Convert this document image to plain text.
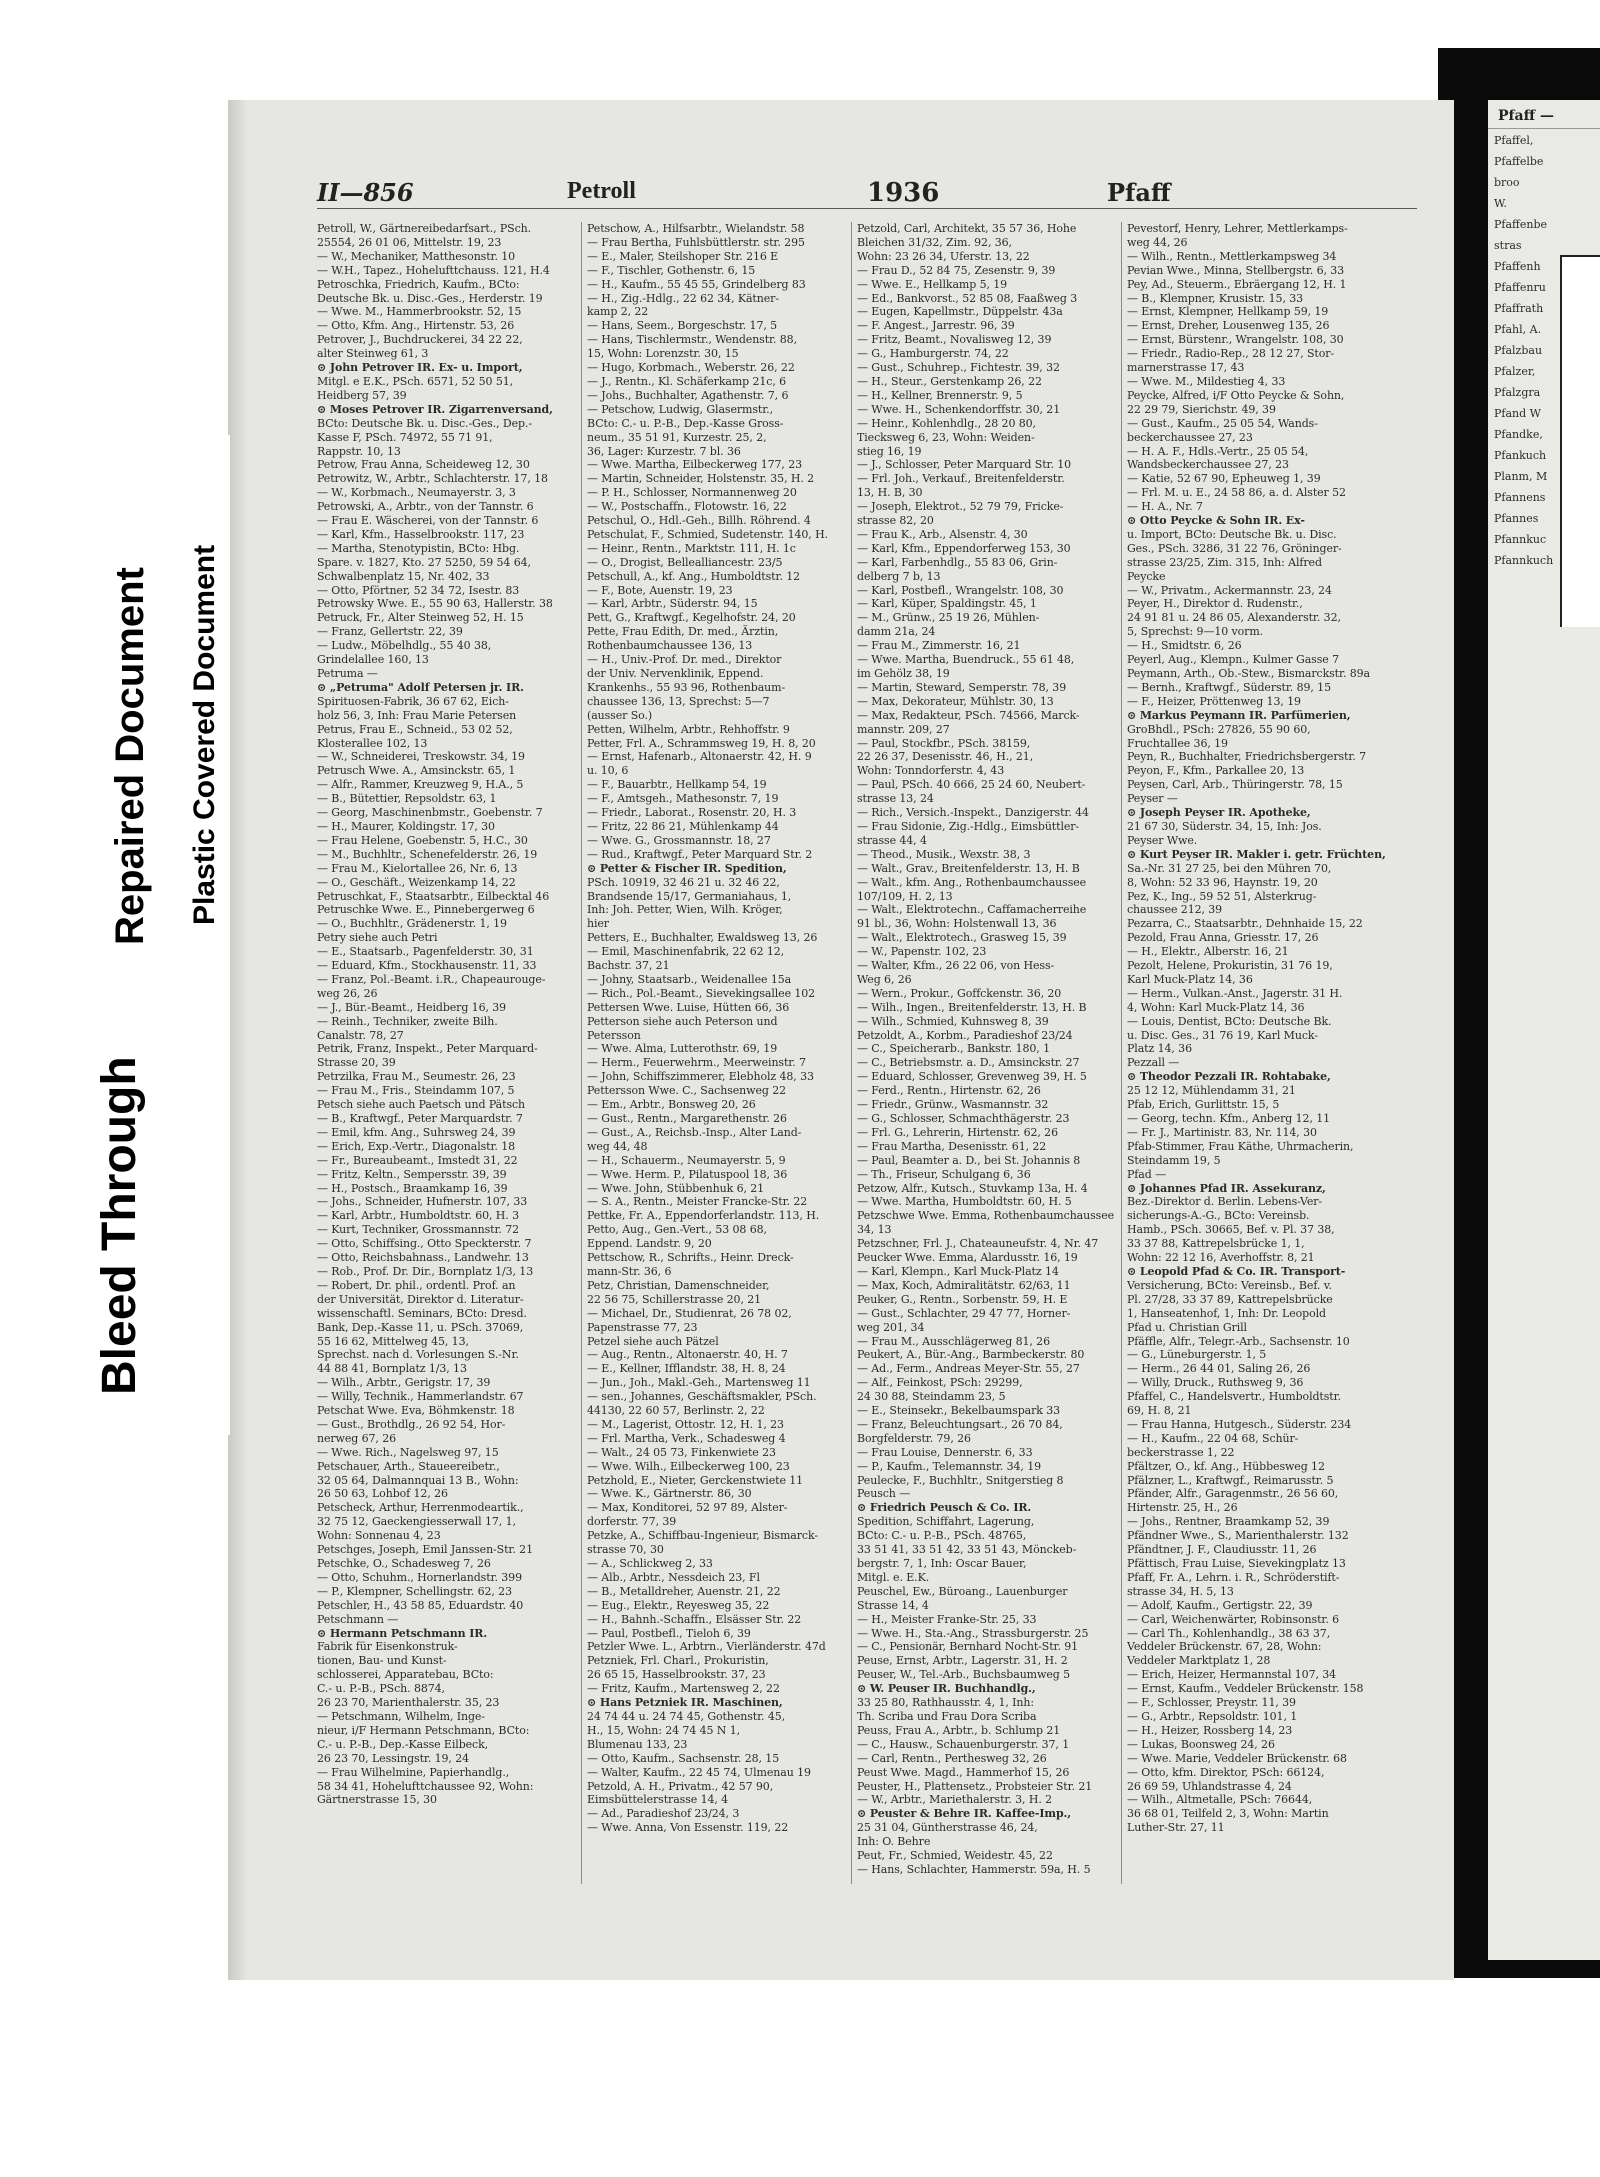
Pfaff —
Pfaffel,
Pfaffelbe
broo
W.
Pfaffenbe
stras
Pfaffenh
Pfaffenru
Pfaffrath
Pfahl, A.
Pfalzbau
Pfalzer,
Pfalzgra
Pfand W
Pfandke,
Pfankuch
Planm, M
Pfannens
Pfannes
Pfannkuc
Pfannkuch
II—856	Petroll	1936	Pfaff
Petroll, W., Gärtnereibedarfsart., PSch.
25554, 26 01 06, Mittelstr. 19, 23
— W., Mechaniker, Matthesonstr. 10
— W.H., Tapez., Hohelufttchauss. 121, H.4
Petroschka, Friedrich, Kaufm., BCto:
Deutsche Bk. u. Disc.-Ges., Herderstr. 19
— Wwe. M., Hammerbrookstr. 52, 15
— Otto, Kfm. Ang., Hirtenstr. 53, 26
Petrover, J., Buchdruckerei, 34 22 22,
alter Steinweg 61, 3
⊙ John Petrover IR. Ex- u. Import,
Mitgl. e E.K., PSch. 6571, 52 50 51,
Heidberg 57, 39
⊙ Moses Petrover IR. Zigarrenversand,
BCto: Deutsche Bk. u. Disc.-Ges., Dep.-
Kasse F, PSch. 74972, 55 71 91,
Rappstr. 10, 13
Petrow, Frau Anna, Scheideweg 12, 30
Petrowitz, W., Arbtr., Schlachterstr. 17, 18
— W., Korbmach., Neumayerstr. 3, 3
Petrowski, A., Arbtr., von der Tannstr. 6
— Frau E. Wäscherei, von der Tannstr. 6
— Karl, Kfm., Hasselbrookstr. 117, 23
— Martha, Stenotypistin, BCto: Hbg.
Spare. v. 1827, Kto. 27 5250, 59 54 64,
Schwalbenplatz 15, Nr. 402, 33
— Otto, Pförtner, 52 34 72, Isestr. 83
Petrowsky Wwe. E., 55 90 63, Hallerstr. 38
Petruck, Fr., Alter Steinweg 52, H. 15
— Franz, Gellertstr. 22, 39
— Ludw., Möbelhdlg., 55 40 38,
Grindelallee 160, 13
Petruma —
⊙ „Petruma" Adolf Petersen jr. IR.
Spirituosen-Fabrik, 36 67 62, Eich-
holz 56, 3, Inh: Frau Marie Petersen
Petrus, Frau E., Schneid., 53 02 52,
Klosterallee 102, 13
— W., Schneiderei, Treskowstr. 34, 19
Petrusch Wwe. A., Amsinckstr. 65, 1
— Alfr., Rammer, Kreuzweg 9, H.A., 5
— B., Bütettier, Repsoldstr. 63, 1
— Georg, Maschinenbmstr., Goebenstr. 7
— H., Maurer, Koldingstr. 17, 30
— Frau Helene, Goebenstr. 5, H.C., 30
— M., Buchhltr., Schenefelderstr. 26, 19
— Frau M., Kielortallee 26, Nr. 6, 13
— O., Geschäft., Weizenkamp 14, 22
Petruschkat, F., Staatsarbtr., Eilbecktal 46
Petruschke Wwe. E., Pinnebergerweg 6
— O., Buchhltr., Grädenerstr. 1, 19
Petry siehe auch Petri
— E., Staatsarb., Pagenfelderstr. 30, 31
— Eduard, Kfm., Stockhausenstr. 11, 33
— Franz, Pol.-Beamt. i.R., Chapeaurouge-
weg 26, 26
— J., Bür.-Beamt., Heidberg 16, 39
— Reinh., Techniker, zweite Bilh.
Canalstr. 78, 27
Petrik, Franz, Inspekt., Peter Marquard-
Strasse 20, 39
Petrzilka, Frau M., Seumestr. 26, 23
— Frau M., Fris., Steindamm 107, 5
Petsch siehe auch Paetsch und Pätsch
— B., Kraftwgf., Peter Marquardstr. 7
— Emil, kfm. Ang., Suhrsweg 24, 39
— Erich, Exp.-Vertr., Diagonalstr. 18
— Fr., Bureaubeamt., Imstedt 31, 22
— Fritz, Keltn., Sempersstr. 39, 39
— H., Postsch., Braamkamp 16, 39
— Johs., Schneider, Hufnerstr. 107, 33
— Karl, Arbtr., Humboldtstr. 60, H. 3
— Kurt, Techniker, Grossmannstr. 72
— Otto, Schiffsing., Otto Speckterstr. 7
— Otto, Reichsbahnass., Landwehr. 13
— Rob., Prof. Dr. Dir., Bornplatz 1/3, 13
— Robert, Dr. phil., ordentl. Prof. an
der Universität, Direktor d. Literatur-
wissenschaftl. Seminars, BCto: Dresd.
Bank, Dep.-Kasse 11, u. PSch. 37069,
55 16 62, Mittelweg 45, 13,
Sprechst. nach d. Vorlesungen S.-Nr.
44 88 41, Bornplatz 1/3, 13
— Wilh., Arbtr., Gerigstr. 17, 39
— Willy, Technik., Hammerlandstr. 67
Petschat Wwe. Eva, Böhmkenstr. 18
— Gust., Brothdlg., 26 92 54, Hor-
nerweg 67, 26
— Wwe. Rich., Nagelsweg 97, 15
Petschauer, Arth., Staueereibetr.,
32 05 64, Dalmannquai 13 B., Wohn:
26 50 63, Lohbof 12, 26
Petscheck, Arthur, Herrenmodeartik.,
32 75 12, Gaeckengiesserwall 17, 1,
Wohn: Sonnenau 4, 23
Petschges, Joseph, Emil Janssen-Str. 21
Petschke, O., Schadesweg 7, 26
— Otto, Schuhm., Hornerlandstr. 399
— P., Klempner, Schellingstr. 62, 23
Petschler, H., 43 58 85, Eduardstr. 40
Petschmann —
⊙ Hermann Petschmann IR.
Fabrik für Eisenkonstruk-
tionen, Bau- und Kunst-
schlosserei, Apparatebau, BCto:
C.- u. P.-B., PSch. 8874,
26 23 70, Marienthalerstr. 35, 23
— Petschmann, Wilhelm, Inge-
nieur, i/F Hermann Petschmann, BCto:
C.- u. P.-B., Dep.-Kasse Eilbeck,
26 23 70, Lessingstr. 19, 24
— Frau Wilhelmine, Papierhandlg.,
58 34 41, Hohelufttchaussee 92, Wohn:
Gärtnerstrasse 15, 30
Petschow, A., Hilfsarbtr., Wielandstr. 58
— Frau Bertha, Fuhlsbüttlerstr. str. 295
— E., Maler, Steilshoper Str. 216 E
— F., Tischler, Gothenstr. 6, 15
— H., Kaufm., 55 45 55, Grindelberg 83
— H., Zig.-Hdlg., 22 62 34, Kätner-
kamp 2, 22
— Hans, Seem., Borgeschstr. 17, 5
— Hans, Tischlermstr., Wendenstr. 88,
15, Wohn: Lorenzstr. 30, 15
— Hugo, Korbmach., Weberstr. 26, 22
— J., Rentn., Kl. Schäferkamp 21c, 6
— Johs., Buchhalter, Agathenstr. 7, 6
— Petschow, Ludwig, Glasermstr.,
BCto: C.- u. P.-B., Dep.-Kasse Gross-
neum., 35 51 91, Kurzestr. 25, 2,
36, Lager: Kurzestr. 7 bl. 36
— Wwe. Martha, Eilbeckerweg 177, 23
— Martin, Schneider, Holstenstr. 35, H. 2
— P. H., Schlosser, Normannenweg 20
— W., Postschaffn., Flotowstr. 16, 22
Petschul, O., Hdl.-Geh., Billh. Röhrend. 4
Petschulat, F., Schmied, Sudetenstr. 140, H.
— Heinr., Rentn., Marktstr. 111, H. 1c
— O., Drogist, Bellealliancestr. 23/5
Petschull, A., kf. Ang., Humboldtstr. 12
— F., Bote, Auenstr. 19, 23
— Karl, Arbtr., Süderstr. 94, 15
Pett, G., Kraftwgf., Kegelhofstr. 24, 20
Pette, Frau Edith, Dr. med., Ärztin,
Rothenbaumchaussee 136, 13
— H., Univ.-Prof. Dr. med., Direktor
der Univ. Nervenklinik, Eppend.
Krankenhs., 55 93 96, Rothenbaum-
chaussee 136, 13, Sprechst: 5—7
(ausser So.)
Petten, Wilhelm, Arbtr., Rehhoffstr. 9
Petter, Frl. A., Schrammsweg 19, H. 8, 20
— Ernst, Hafenarb., Altonaerstr. 42, H. 9
u. 10, 6
— F., Bauarbtr., Hellkamp 54, 19
— F., Amtsgeh., Mathesonstr. 7, 19
— Friedr., Laborat., Rosenstr. 20, H. 3
— Fritz, 22 86 21, Mühlenkamp 44
— Wwe. G., Grossmannstr. 18, 27
— Rud., Kraftwgf., Peter Marquard Str. 2
⊙ Petter & Fischer IR. Spedition,
PSch. 10919, 32 46 21 u. 32 46 22,
Brandsende 15/17, Germaniahaus, 1,
Inh: Joh. Petter, Wien, Wilh. Kröger,
hier
Petters, E., Buchhalter, Ewaldsweg 13, 26
— Emil, Maschinenfabrik, 22 62 12,
Bachstr. 37, 21
— Johny, Staatsarb., Weidenallee 15a
— Rich., Pol.-Beamt., Sievekingsallee 102
Pettersen Wwe. Luise, Hütten 66, 36
Petterson siehe auch Peterson und
Petersson
— Wwe. Alma, Lutterothstr. 69, 19
— Herm., Feuerwehrm., Meerweinstr. 7
— John, Schiffszimmerer, Elebholz 48, 33
Pettersson Wwe. C., Sachsenweg 22
— Em., Arbtr., Bonsweg 20, 26
— Gust., Rentn., Margarethenstr. 26
— Gust., A., Reichsb.-Insp., Alter Land-
weg 44, 48
— H., Schauerm., Neumayerstr. 5, 9
— Wwe. Herm. P., Pilatuspool 18, 36
— Wwe. John, Stübbenhuk 6, 21
— S. A., Rentn., Meister Francke-Str. 22
Pettke, Fr. A., Eppendorferlandstr. 113, H.
Petto, Aug., Gen.-Vert., 53 08 68,
Eppend. Landstr. 9, 20
Pettschow, R., Schrifts., Heinr. Dreck-
mann-Str. 36, 6
Petz, Christian, Damenschneider,
22 56 75, Schillerstrasse 20, 21
— Michael, Dr., Studienrat, 26 78 02,
Papenstrasse 77, 23
Petzel siehe auch Pätzel
— Aug., Rentn., Altonaerstr. 40, H. 7
— E., Kellner, Ifflandstr. 38, H. 8, 24
— Jun., Joh., Makl.-Geh., Martensweg 11
— sen., Johannes, Geschäftsmakler, PSch.
44130, 22 60 57, Berlinstr. 2, 22
— M., Lagerist, Ottostr. 12, H. 1, 23
— Frl. Martha, Verk., Schadesweg 4
— Walt., 24 05 73, Finkenwiete 23
— Wwe. Wilh., Eilbeckerweg 100, 23
Petzhold, E., Nieter, Gerckenstwiete 11
— Wwe. K., Gärtnerstr. 86, 30
— Max, Konditorei, 52 97 89, Alster-
dorferstr. 77, 39
Petzke, A., Schiffbau-Ingenieur, Bismarck-
strasse 70, 30
— A., Schlickweg 2, 33
— Alb., Arbtr., Nessdeich 23, Fl
— B., Metalldreher, Auenstr. 21, 22
— Eug., Elektr., Reyesweg 35, 22
— H., Bahnh.-Schaffn., Elsässer Str. 22
— Paul, Postbefl., Tieloh 6, 39
Petzler Wwe. L., Arbtrn., Vierländerstr. 47d
Petzniek, Frl. Charl., Prokuristin,
26 65 15, Hasselbrookstr. 37, 23
— Fritz, Kaufm., Martensweg 2, 22
⊙ Hans Petzniek IR. Maschinen,
24 74 44 u. 24 74 45, Gothenstr. 45,
H., 15, Wohn: 24 74 45 N 1,
Blumenau 133, 23
— Otto, Kaufm., Sachsenstr. 28, 15
— Walter, Kaufm., 22 45 74, Ulmenau 19
Petzold, A. H., Privatm., 42 57 90,
Eimsbüttelerstrasse 14, 4
— Ad., Paradieshof 23/24, 3
— Wwe. Anna, Von Essenstr. 119, 22
Petzold, Carl, Architekt, 35 57 36, Hohe
Bleichen 31/32, Zim. 92, 36,
Wohn: 23 26 34, Uferstr. 13, 22
— Frau D., 52 84 75, Zesenstr. 9, 39
— Wwe. E., Hellkamp 5, 19
— Ed., Bankvorst., 52 85 08, Faaßweg 3
— Eugen, Kapellmstr., Düppelstr. 43a
— F. Angest., Jarrestr. 96, 39
— Fritz, Beamt., Novalisweg 12, 39
— G., Hamburgerstr. 74, 22
— Gust., Schuhrep., Fichtestr. 39, 32
— H., Steur., Gerstenkamp 26, 22
— H., Kellner, Brennerstr. 9, 5
— Wwe. H., Schenkendorffstr. 30, 21
— Heinr., Kohlenhdlg., 28 20 80,
Tiecksweg 6, 23, Wohn: Weiden-
stieg 16, 19
— J., Schlosser, Peter Marquard Str. 10
— Frl. Joh., Verkauf., Breitenfelderstr.
13, H. B, 30
— Joseph, Elektrot., 52 79 79, Fricke-
strasse 82, 20
— Frau K., Arb., Alsenstr. 4, 30
— Karl, Kfm., Eppendorferweg 153, 30
— Karl, Farbenhdlg., 55 83 06, Grin-
delberg 7 b, 13
— Karl, Postbefl., Wrangelstr. 108, 30
— Karl, Küper, Spaldingstr. 45, 1
— M., Grünw., 25 19 26, Mühlen-
damm 21a, 24
— Frau M., Zimmerstr. 16, 21
— Wwe. Martha, Buendruck., 55 61 48,
im Gehölz 38, 19
— Martin, Steward, Semperstr. 78, 39
— Max, Dekorateur, Mühlstr. 30, 13
— Max, Redakteur, PSch. 74566, Marck-
mannstr. 209, 27
— Paul, Stockfbr., PSch. 38159,
22 26 37, Desenisstr. 46, H., 21,
Wohn: Tonndorferstr. 4, 43
— Paul, PSch. 40 666, 25 24 60, Neubert-
strasse 13, 24
— Rich., Versich.-Inspekt., Danzigerstr. 44
— Frau Sidonie, Zig.-Hdlg., Eimsbüttler-
strasse 44, 4
— Theod., Musik., Wexstr. 38, 3
— Walt., Grav., Breitenfelderstr. 13, H. B
— Walt., kfm. Ang., Rothenbaumchaussee
107/109, H. 2, 13
— Walt., Elektrotechn., Caffamacherreihe
91 bl., 36, Wohn: Holstenwall 13, 36
— Walt., Elektrotech., Grasweg 15, 39
— W., Papenstr. 102, 23
— Walter, Kfm., 26 22 06, von Hess-
Weg 6, 26
— Wern., Prokur., Goffckenstr. 36, 20
— Wilh., Ingen., Breitenfelderstr. 13, H. B
— Wilh., Schmied, Kuhnsweg 8, 39
Petzoldt, A., Korbm., Paradieshof 23/24
— C., Speicherarb., Bankstr. 180, 1
— C., Betriebsmstr. a. D., Amsinckstr. 27
— Eduard, Schlosser, Grevenweg 39, H. 5
— Ferd., Rentn., Hirtenstr. 62, 26
— Friedr., Grünw., Wasmannstr. 32
— G., Schlosser, Schmachthägerstr. 23
— Frl. G., Lehrerin, Hirtenstr. 62, 26
— Frau Martha, Desenisstr. 61, 22
— Paul, Beamter a. D., bei St. Johannis 8
— Th., Friseur, Schulgang 6, 36
Petzow, Alfr., Kutsch., Stuvkamp 13a, H. 4
— Wwe. Martha, Humboldtstr. 60, H. 5
Petzschwe Wwe. Emma, Rothenbaumchaussee
34, 13
Petzschner, Frl. J., Chateauneufstr. 4, Nr. 47
Peucker Wwe. Emma, Alardusstr. 16, 19
— Karl, Klempn., Karl Muck-Platz 14
— Max, Koch, Admiralitätstr. 62/63, 11
Peuker, G., Rentn., Sorbenstr. 59, H. E
— Gust., Schlachter, 29 47 77, Horner-
weg 201, 34
— Frau M., Ausschlägerweg 81, 26
Peukert, A., Bür.-Ang., Barmbeckerstr. 80
— Ad., Ferm., Andreas Meyer-Str. 55, 27
— Alf., Feinkost, PSch: 29299,
24 30 88, Steindamm 23, 5
— E., Steinsekr., Bekelbaumspark 33
— Franz, Beleuchtungsart., 26 70 84,
Borgfelderstr. 79, 26
— Frau Louise, Dennerstr. 6, 33
— P., Kaufm., Telemannstr. 34, 19
Peulecke, F., Buchhltr., Snitgerstieg 8
Peusch —
⊙ Friedrich Peusch & Co. IR.
Spedition, Schiffahrt, Lagerung,
BCto: C.- u. P.-B., PSch. 48765,
33 51 41, 33 51 42, 33 51 43, Mönckeb-
bergstr. 7, 1, Inh: Oscar Bauer,
Mitgl. e. E.K.
Peuschel, Ew., Büroang., Lauenburger
Strasse 14, 4
— H., Meister Franke-Str. 25, 33
— Wwe. H., Sta.-Ang., Strassburgerstr. 25
— C., Pensionär, Bernhard Nocht-Str. 91
Peuse, Ernst, Arbtr., Lagerstr. 31, H. 2
Peuser, W., Tel.-Arb., Buchsbaumweg 5
⊙ W. Peuser IR. Buchhandlg.,
33 25 80, Rathhausstr. 4, 1, Inh:
Th. Scriba und Frau Dora Scriba
Peuss, Frau A., Arbtr., b. Schlump 21
— C., Hausw., Schauenburgerstr. 37, 1
— Carl, Rentn., Perthesweg 32, 26
Peust Wwe. Magd., Hammerhof 15, 26
Peuster, H., Plattensetz., Probsteier Str. 21
— W., Arbtr., Mariethalerstr. 3, H. 2
⊙ Peuster & Behre IR. Kaffee-Imp.,
25 31 04, Güntherstrasse 46, 24,
Inh: O. Behre
Peut, Fr., Schmied, Weidestr. 45, 22
— Hans, Schlachter, Hammerstr. 59a, H. 5
Pevestorf, Henry, Lehrer, Mettlerkamps-
weg 44, 26
— Wilh., Rentn., Mettlerkampsweg 34
Pevian Wwe., Minna, Stellbergstr. 6, 33
Pey, Ad., Steuerm., Ebräergang 12, H. 1
— B., Klempner, Krusistr. 15, 33
— Ernst, Klempner, Hellkamp 59, 19
— Ernst, Dreher, Lousenweg 135, 26
— Ernst, Bürstenr., Wrangelstr. 108, 30
— Friedr., Radio-Rep., 28 12 27, Stor-
marnerstrasse 17, 43
— Wwe. M., Mildestieg 4, 33
Peycke, Alfred, i/F Otto Peycke & Sohn,
22 29 79, Sierichstr. 49, 39
— Gust., Kaufm., 25 05 54, Wands-
beckerchaussee 27, 23
— H. A. F., Hdls.-Vertr., 25 05 54,
Wandsbeckerchaussee 27, 23
— Katie, 52 67 90, Epheuweg 1, 39
— Frl. M. u. E., 24 58 86, a. d. Alster 52
— H. A., Nr. 7
⊙ Otto Peycke & Sohn IR. Ex-
u. Import, BCto: Deutsche Bk. u. Disc.
Ges., PSch. 3286, 31 22 76, Gröninger-
strasse 23/25, Zim. 315, Inh: Alfred
Peycke
— W., Privatm., Ackermannstr. 23, 24
Peyer, H., Direktor d. Rudenstr.,
24 91 81 u. 24 86 05, Alexanderstr. 32,
5, Sprechst: 9—10 vorm.
— H., Smidtstr. 6, 26
Peyerl, Aug., Klempn., Kulmer Gasse 7
Peymann, Arth., Ob.-Stew., Bismarckstr. 89a
— Bernh., Kraftwgf., Süderstr. 89, 15
— F., Heizer, Pröttenweg 13, 19
⊙ Markus Peymann IR. Parfümerien,
GroBhdl., PSch: 27826, 55 90 60,
Fruchtallee 36, 19
Peyn, R., Buchhalter, Friedrichsbergerstr. 7
Peyon, F., Kfm., Parkallee 20, 13
Peysen, Carl, Arb., Thüringerstr. 78, 15
Peyser —
⊙ Joseph Peyser IR. Apotheke,
21 67 30, Süderstr. 34, 15, Inh: Jos.
Peyser Wwe.
⊙ Kurt Peyser IR. Makler i. getr. Früchten,
Sa.-Nr. 31 27 25, bei den Mühren 70,
8, Wohn: 52 33 96, Haynstr. 19, 20
Pez, K., Ing., 59 52 51, Alsterkrug-
chaussee 212, 39
Pezarra, C., Staatsarbtr., Dehnhaide 15, 22
Pezold, Frau Anna, Griesstr. 17, 26
— H., Elektr., Alberstr. 16, 21
Pezolt, Helene, Prokuristin, 31 76 19,
Karl Muck-Platz 14, 36
— Herm., Vulkan.-Anst., Jagerstr. 31 H.
4, Wohn: Karl Muck-Platz 14, 36
— Louis, Dentist, BCto: Deutsche Bk.
u. Disc. Ges., 31 76 19, Karl Muck-
Platz 14, 36
Pezzall —
⊙ Theodor Pezzali IR. Rohtabake,
25 12 12, Mühlendamm 31, 21
Pfab, Erich, Gurlittstr. 15, 5
— Georg, techn. Kfm., Anberg 12, 11
— Fr. J., Martinistr. 83, Nr. 114, 30
Pfab-Stimmer, Frau Käthe, Uhrmacherin,
Steindamm 19, 5
Pfad —
⊙ Johannes Pfad IR. Assekuranz,
Bez.-Direktor d. Berlin. Lebens-Ver-
sicherungs-A.-G., BCto: Vereinsb.
Hamb., PSch. 30665, Bef. v. Pl. 37 38,
33 37 88, Kattrepelsbrücke 1, 1,
Wohn: 22 12 16, Averhoffstr. 8, 21
⊙ Leopold Pfad & Co. IR. Transport-
Versicherung, BCto: Vereinsb., Bef. v.
Pl. 27/28, 33 37 89, Kattrepelsbrücke
1, Hanseatenhof, 1, Inh: Dr. Leopold
Pfad u. Christian Grill
Pfäffle, Alfr., Telegr.-Arb., Sachsenstr. 10
— G., Lüneburgerstr. 1, 5
— Herm., 26 44 01, Saling 26, 26
— Willy, Druck., Ruthsweg 9, 36
Pfaffel, C., Handelsvertr., Humboldtstr.
69, H. 8, 21
— Frau Hanna, Hutgesch., Süderstr. 234
— H., Kaufm., 22 04 68, Schür-
beckerstrasse 1, 22
Pfältzer, O., kf. Ang., Hübbesweg 12
Pfälzner, L., Kraftwgf., Reimarusstr. 5
Pfänder, Alfr., Garagenmstr., 26 56 60,
Hirtenstr. 25, H., 26
— Johs., Rentner, Braamkamp 52, 39
Pfändner Wwe., S., Marienthalerstr. 132
Pfändtner, J. F., Claudiusstr. 11, 26
Pfättisch, Frau Luise, Sievekingplatz 13
Pfaff, Fr. A., Lehrn. i. R., Schröderstift-
strasse 34, H. 5, 13
— Adolf, Kaufm., Gertigstr. 22, 39
— Carl, Weichenwärter, Robinsonstr. 6
— Carl Th., Kohlenhandlg., 38 63 37,
Veddeler Brückenstr. 67, 28, Wohn:
Veddeler Marktplatz 1, 28
— Erich, Heizer, Hermannstal 107, 34
— Ernst, Kaufm., Veddeler Brückenstr. 158
— F., Schlosser, Preystr. 11, 39
— G., Arbtr., Repsoldstr. 101, 1
— H., Heizer, Rossberg 14, 23
— Lukas, Boonsweg 24, 26
— Wwe. Marie, Veddeler Brückenstr. 68
— Otto, kfm. Direktor, PSch: 66124,
26 69 59, Uhlandstrasse 4, 24
— Wilh., Altmetalle, PSch: 76644,
36 68 01, Teilfeld 2, 3, Wohn: Martin
Luther-Str. 27, 11
Bleed Through
Repaired Document Plastic Covered Document
